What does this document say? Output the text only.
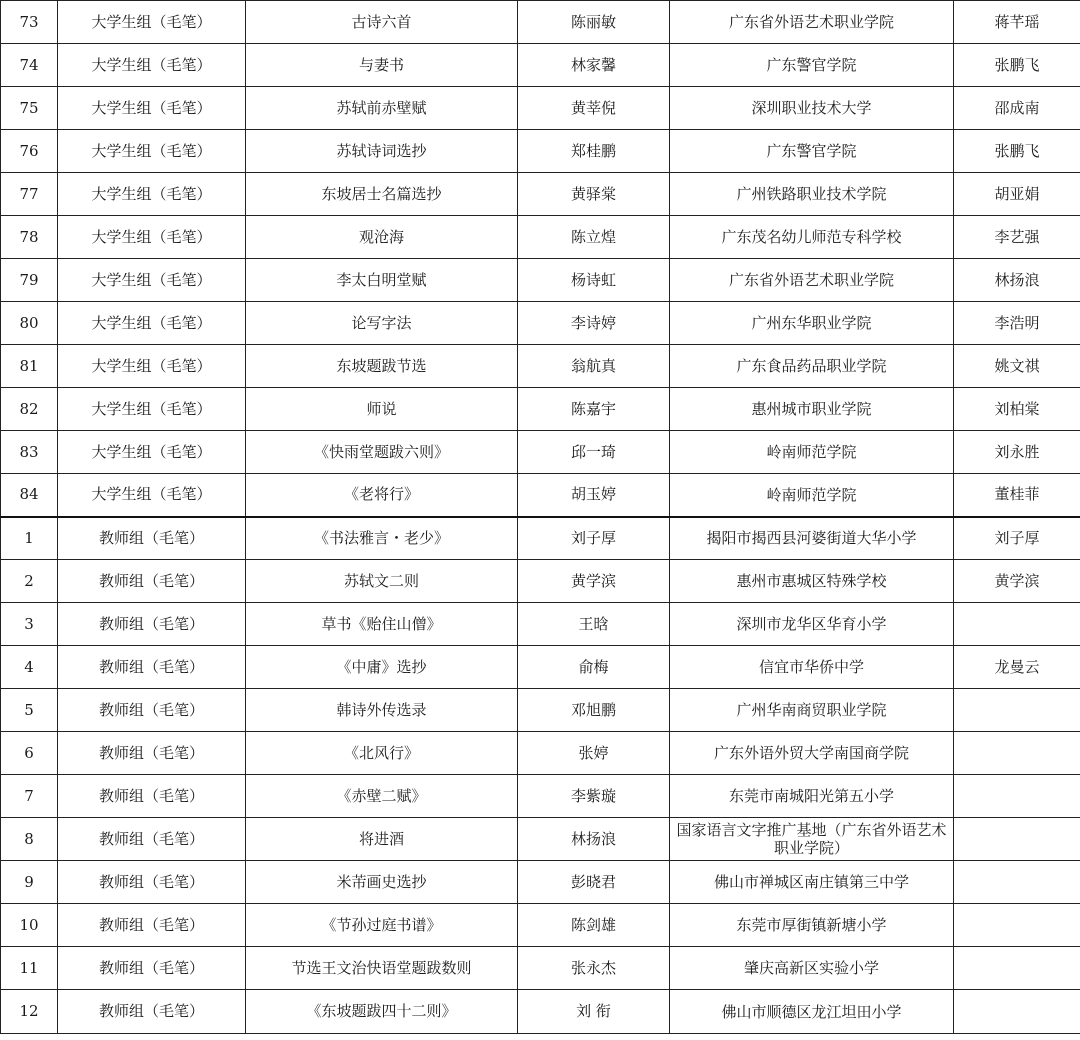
73	大学生组（毛笔）	古诗六首	陈丽敏	广东省外语艺术职业学院	蒋芊瑶
74	大学生组（毛笔）	与妻书	林家馨	广东警官学院	张鹏飞
75	大学生组（毛笔）	苏轼前赤壁赋	黄莘倪	深圳职业技术大学	邵成南
76	大学生组（毛笔）	苏轼诗词选抄	郑桂鹏	广东警官学院	张鹏飞
77	大学生组（毛笔）	东坡居士名篇选抄	黄驿棠	广州铁路职业技术学院	胡亚娟
78	大学生组（毛笔）	观沧海	陈立煌	广东茂名幼儿师范专科学校	李艺强
79	大学生组（毛笔）	李太白明堂赋	杨诗虹	广东省外语艺术职业学院	林扬浪
80	大学生组（毛笔）	论写字法	李诗婷	广州东华职业学院	李浩明
81	大学生组（毛笔）	东坡题跋节选	翁航真	广东食品药品职业学院	姚文祺
82	大学生组（毛笔）	师说	陈嘉宇	惠州城市职业学院	刘柏棠
83	大学生组（毛笔）	《快雨堂题跋六则》	邱一琦	岭南师范学院	刘永胜
84	大学生组（毛笔）	《老将行》	胡玉婷	岭南师范学院	董桂菲
1	教师组（毛笔）	《书法雅言・老少》	刘子厚	揭阳市揭西县河婆街道大华小学	刘子厚
2	教师组（毛笔）	苏轼文二则	黄学滨	惠州市惠城区特殊学校	黄学滨
3	教师组（毛笔）	草书《贻住山僧》	王晗	深圳市龙华区华育小学	
4	教师组（毛笔）	《中庸》选抄	俞梅	信宜市华侨中学	龙曼云
5	教师组（毛笔）	韩诗外传选录	邓旭鹏	广州华南商贸职业学院	
6	教师组（毛笔）	《北风行》	张婷	广东外语外贸大学南国商学院	
7	教师组（毛笔）	《赤壁二赋》	李紫璇	东莞市南城阳光第五小学	
8	教师组（毛笔）	将进酒	林扬浪	国家语言文字推广基地（广东省外语艺术职业学院）	
9	教师组（毛笔）	米芾画史选抄	彭晓君	佛山市禅城区南庄镇第三中学	
10	教师组（毛笔）	《节孙过庭书谱》	陈剑雄	东莞市厚街镇新塘小学	
11	教师组（毛笔）	节选王文治快语堂题跋数则	张永杰	肇庆高新区实验小学	
12	教师组（毛笔）	《东坡题跋四十二则》	刘 衔	佛山市顺德区龙江坦田小学	
